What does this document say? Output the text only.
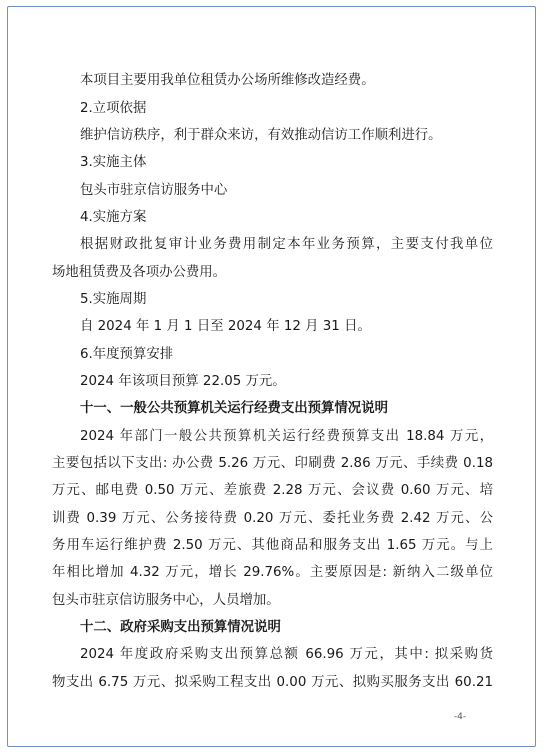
本项目主要用我单位租赁办公场所维修改造经费。
2.立项依据
维护信访秩序，利于群众来访，有效推动信访工作顺利进行。
3.实施主体
包头市驻京信访服务中心
4.实施方案
根据财政批复审计业务费用制定本年业务预算，主要支付我单位
场地租赁费及各项办公费用。
5.实施周期
自 2024 年 1 月 1 日至 2024 年 12 月 31 日。
6.年度预算安排
2024 年该项目预算 22.05 万元。
十一、一般公共预算机关运行经费支出预算情况说明
2024 年部门一般公共预算机关运行经费预算支出 18.84 万元，
主要包括以下支出: 办公费 5.26 万元、印刷费 2.86 万元、手续费 0.18
万元、邮电费 0.50 万元、差旅费 2.28 万元、会议费 0.60 万元、培
训费 0.39 万元、公务接待费 0.20 万元、委托业务费 2.42 万元、公
务用车运行维护费 2.50 万元、其他商品和服务支出 1.65 万元。与上
年相比增加 4.32 万元，增长 29.76%。主要原因是: 新纳入二级单位
包头市驻京信访服务中心，人员增加。
十二、政府采购支出预算情况说明
2024 年度政府采购支出预算总额 66.96 万元，其中: 拟采购货
物支出 6.75 万元、拟采购工程支出 0.00 万元、拟购买服务支出 60.21
-4-
